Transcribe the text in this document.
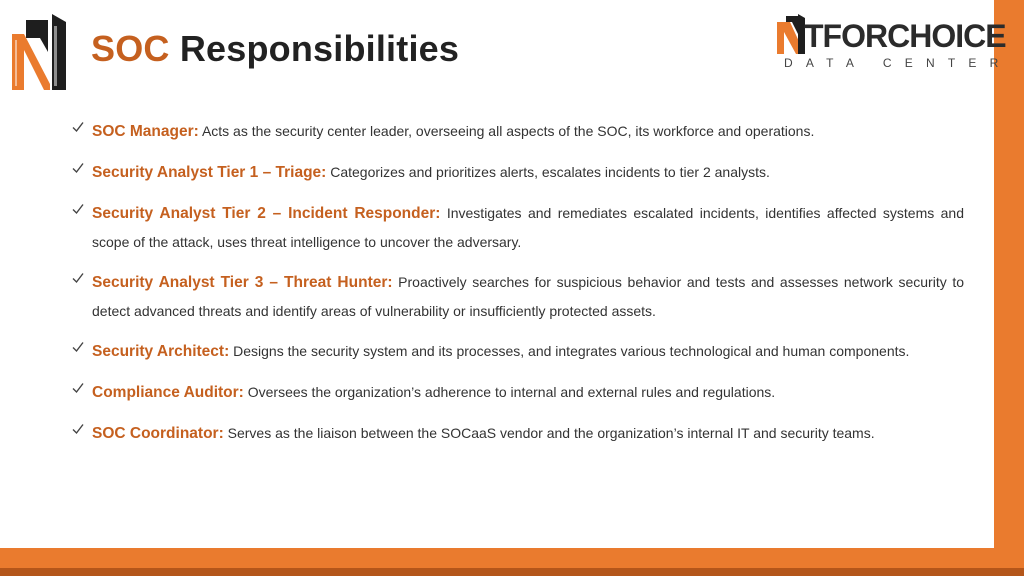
SOC Responsibilities	TFORCHOICE
DATA CENTER
SOC Manager: Acts as the security center leader, overseeing all aspects of the SOC, its workforce and operations.
Security Analyst Tier 1 – Triage: Categorizes and prioritizes alerts, escalates incidents to tier 2 analysts.
Security Analyst Tier 2 – Incident Responder: Investigates and remediates escalated incidents, identifies affected systems and scope of the attack, uses threat intelligence to uncover the adversary.
Security Analyst Tier 3 – Threat Hunter: Proactively searches for suspicious behavior and tests and assesses network security to detect advanced threats and identify areas of vulnerability or insufficiently protected assets.
Security Architect: Designs the security system and its processes, and integrates various technological and human components.
Compliance Auditor: Oversees the organization’s adherence to internal and external rules and regulations.
SOC Coordinator: Serves as the liaison between the SOCaaS vendor and the organization’s internal IT and security teams.
